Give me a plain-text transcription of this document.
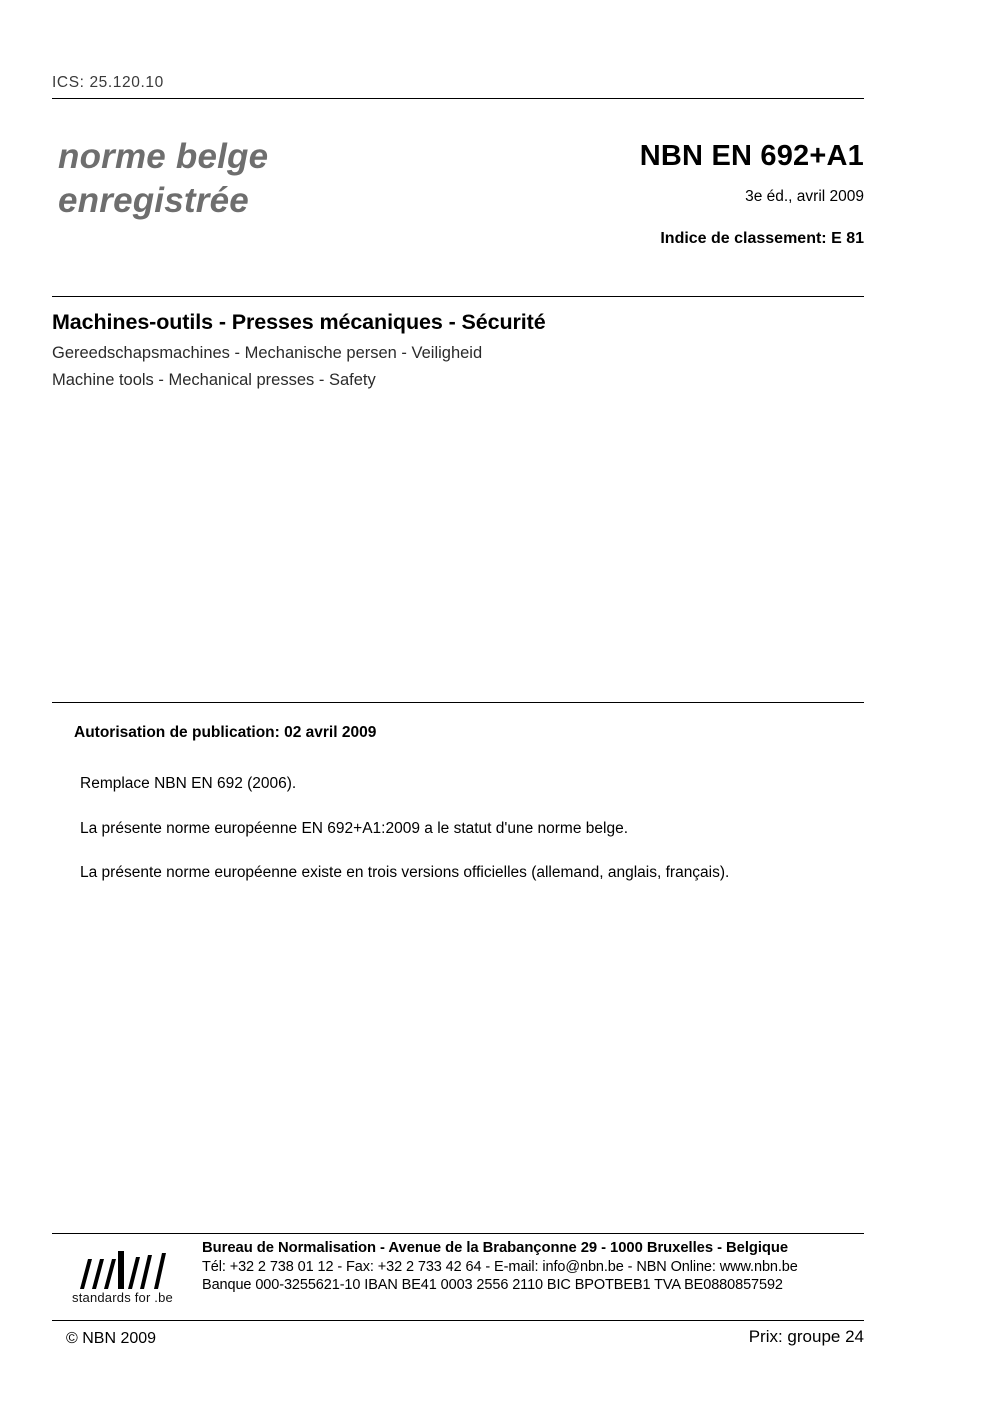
ICS: 25.120.10
norme belge
enregistrée
NBN EN 692+A1
3e éd., avril 2009
Indice de classement: E 81
Machines-outils - Presses mécaniques - Sécurité
Gereedschapsmachines - Mechanische persen - Veiligheid
Machine tools - Mechanical presses - Safety
Autorisation de publication: 02 avril 2009

Remplace NBN EN 692 (2006).

La présente norme européenne EN 692+A1:2009 a le statut d'une norme belge.

La présente norme européenne existe en trois versions officielles (allemand, anglais, français).

standards for .be
Bureau de Normalisation - Avenue de la Brabançonne 29 - 1000 Bruxelles - Belgique
Tél: +32 2 738 01 12 - Fax: +32 2 733 42 64 - E-mail: info@nbn.be - NBN Online: www.nbn.be
Banque 000-3255621-10 IBAN BE41 0003 2556 2110 BIC BPOTBEB1 TVA BE0880857592
© NBN 2009	Prix: groupe 24
